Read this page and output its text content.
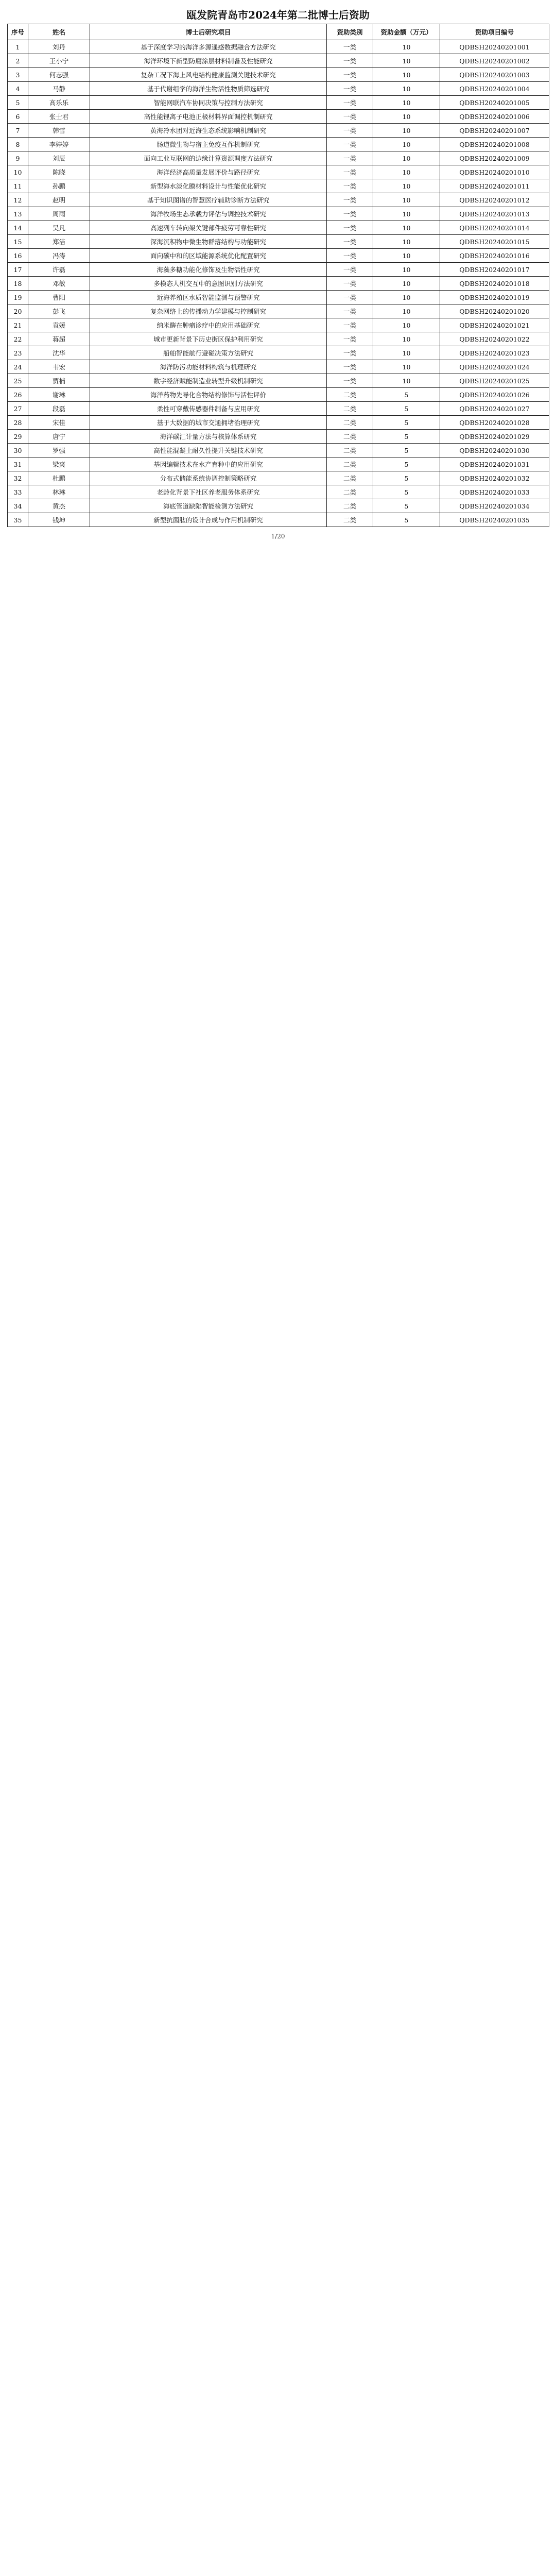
瓯发院青岛市2024年第二批博士后资助
序号	姓名	博士后研究项目	资助类别	资助金额（万元）	资助项目编号
1	刘丹	基于深度学习的海洋多源遥感数据融合方法研究	一类	10	QDBSH20240201001
2	王小宁	海洋环境下新型防腐涂层材料制备及性能研究	一类	10	QDBSH20240201002
3	何志强	复杂工况下海上风电结构健康监测关键技术研究	一类	10	QDBSH20240201003
4	马静	基于代谢组学的海洋生物活性物质筛选研究	一类	10	QDBSH20240201004
5	高乐乐	智能网联汽车协同决策与控制方法研究	一类	10	QDBSH20240201005
6	张士君	高性能锂离子电池正极材料界面调控机制研究	一类	10	QDBSH20240201006
7	韩雪	黄海冷水团对近海生态系统影响机制研究	一类	10	QDBSH20240201007
8	李婷婷	肠道微生物与宿主免疫互作机制研究	一类	10	QDBSH20240201008
9	刘辰	面向工业互联网的边缘计算资源调度方法研究	一类	10	QDBSH20240201009
10	陈晓	海洋经济高质量发展评价与路径研究	一类	10	QDBSH20240201010
11	孙鹏	新型海水淡化膜材料设计与性能优化研究	一类	10	QDBSH20240201011
12	赵明	基于知识图谱的智慧医疗辅助诊断方法研究	一类	10	QDBSH20240201012
13	周雨	海洋牧场生态承载力评估与调控技术研究	一类	10	QDBSH20240201013
14	吴凡	高速列车转向架关键部件疲劳可靠性研究	一类	10	QDBSH20240201014
15	郑洁	深海沉积物中微生物群落结构与功能研究	一类	10	QDBSH20240201015
16	冯涛	面向碳中和的区域能源系统优化配置研究	一类	10	QDBSH20240201016
17	许磊	海藻多糖功能化修饰及生物活性研究	一类	10	QDBSH20240201017
18	邓敏	多模态人机交互中的意图识别方法研究	一类	10	QDBSH20240201018
19	曹阳	近海养殖区水质智能监测与预警研究	一类	10	QDBSH20240201019
20	彭飞	复杂网络上的传播动力学建模与控制研究	一类	10	QDBSH20240201020
21	袁媛	纳米酶在肿瘤诊疗中的应用基础研究	一类	10	QDBSH20240201021
22	蒋超	城市更新背景下历史街区保护利用研究	一类	10	QDBSH20240201022
23	沈华	船舶智能航行避碰决策方法研究	一类	10	QDBSH20240201023
24	韦宏	海洋防污功能材料构筑与机理研究	一类	10	QDBSH20240201024
25	贾楠	数字经济赋能制造业转型升级机制研究	一类	10	QDBSH20240201025
26	谢琳	海洋药物先导化合物结构修饰与活性评价	二类	5	QDBSH20240201026
27	段磊	柔性可穿戴传感器件制备与应用研究	二类	5	QDBSH20240201027
28	宋佳	基于大数据的城市交通拥堵治理研究	二类	5	QDBSH20240201028
29	唐宁	海洋碳汇计量方法与核算体系研究	二类	5	QDBSH20240201029
30	罗强	高性能混凝土耐久性提升关键技术研究	二类	5	QDBSH20240201030
31	梁爽	基因编辑技术在水产育种中的应用研究	二类	5	QDBSH20240201031
32	杜鹏	分布式储能系统协调控制策略研究	二类	5	QDBSH20240201032
33	林琳	老龄化背景下社区养老服务体系研究	二类	5	QDBSH20240201033
34	黄杰	海底管道缺陷智能检测方法研究	二类	5	QDBSH20240201034
35	钱坤	新型抗菌肽的设计合成与作用机制研究	二类	5	QDBSH20240201035
1/20
